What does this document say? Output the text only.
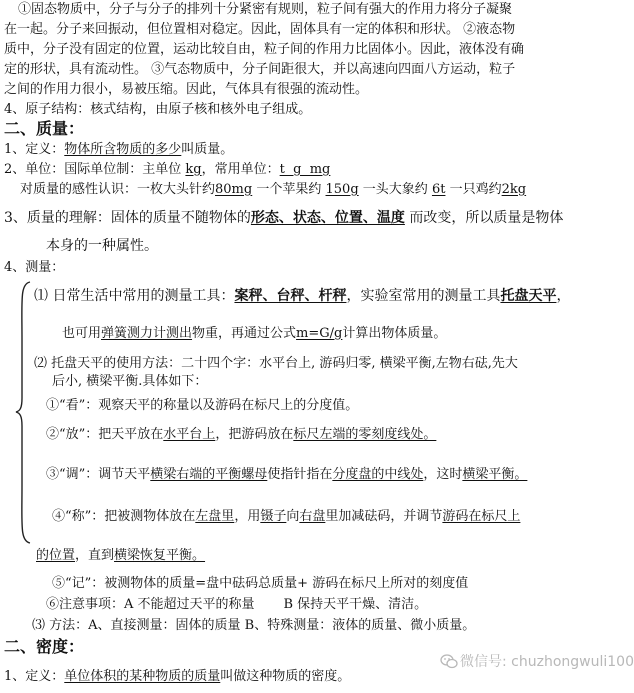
①固态物质中，分子与分子的排列十分紧密有规则，粒子间有强大的作用力将分子凝聚
在一起。分子来回振动，但位置相对稳定。因此，固体具有一定的体积和形状。 ②液态物
质中，分子没有固定的位置，运动比较自由，粒子间的作用力比固体小。因此，液体没有确
定的形状，具有流动性。 ③气态物质中，分子间距很大，并以高速向四面八方运动，粒子
之间的作用力很小，易被压缩。因此，气体具有很强的流动性。
4、原子结构：核式结构，由原子核和核外电子组成。
二、质量：
1、定义：物体所含物质的多少叫质量。
2、单位：国际单位制：主单位 kg，常用单位：t  g  mg
对质量的感性认识：一枚大头针约80mg 一个苹果约 150g 一头大象约 6t 一只鸡约2kg
3、质量的理解：固体的质量不随物体的形态、状态、位置、温度 而改变，所以质量是物体
本身的一种属性。
4、测量：
⑴ 日常生活中常用的测量工具：案秤、台秤、杆秤，实验室常用的测量工具托盘天平，
也可用弹簧测力计测出物重，再通过公式m=G/g计算出物体质量。
⑵ 托盘天平的使用方法：二十四个字：水平台上, 游码归零, 横梁平衡,左物右砝,先大
后小, 横梁平衡.具体如下：
①“看”：观察天平的称量以及游码在标尺上的分度值。
②“放”：把天平放在水平台上，把游码放在标尺左端的零刻度线处。
③“调”：调节天平横梁右端的平衡螺母使指针指在分度盘的中线处，这时横梁平衡。
④“称”：把被测物体放在左盘里，用镊子向右盘里加减砝码，并调节游码在标尺上
的位置，直到横梁恢复平衡。
⑤“记”：被测物体的质量=盘中砝码总质量+ 游码在标尺上所对的刻度值
⑥注意事项：A 不能超过天平的称量       B 保持天平干燥、清洁。
⑶ 方法：A、直接测量：固体的质量 B、特殊测量：液体的质量、微小质量。
二、密度：
1、定义：单位体积的某种物质的质量叫做这种物质的密度。
微信号: chuzhongwuli100
